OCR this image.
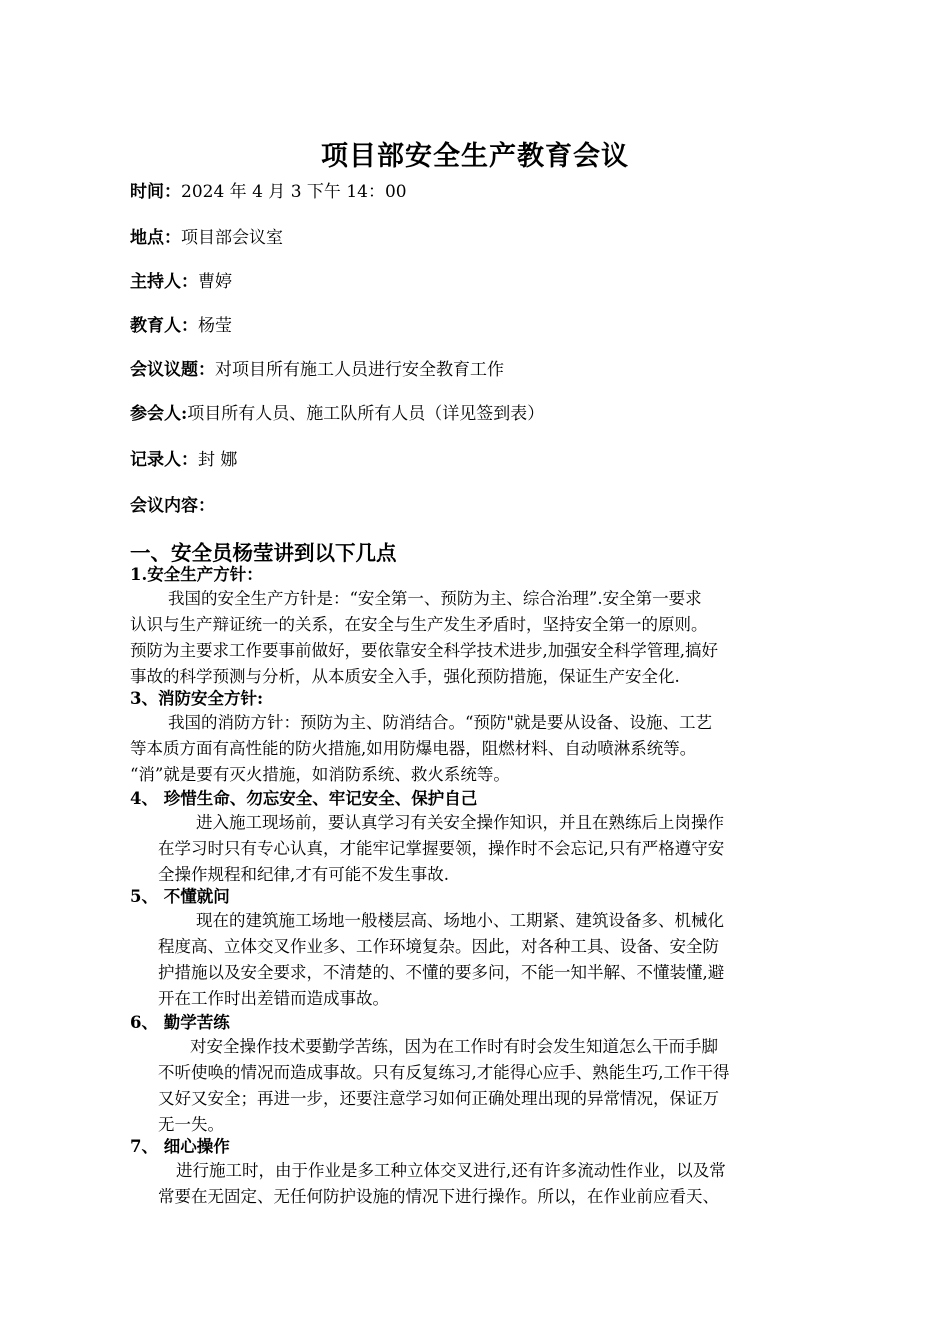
项目部安全生产教育会议
时间：2024 年 4 月 3 下午 14：00
地点：项目部会议室
主持人：曹婷
教育人：杨莹
会议议题：对项目所有施工人员进行安全教育工作
参会人:项目所有人员、施工队所有人员（详见签到表）
记录人：封 娜
会议内容：
一、安全员杨莹讲到以下几点
1.安全生产方针：
我国的安全生产方针是：“安全第一、预防为主、综合治理”.安全第一要求
认识与生产辩证统一的关系，在安全与生产发生矛盾时，坚持安全第一的原则。
预防为主要求工作要事前做好，要依靠安全科学技术进步,加强安全科学管理,搞好
事故的科学预测与分析，从本质安全入手，强化预防措施，保证生产安全化.
3、消防安全方针:
我国的消防方针：预防为主、防消结合。“预防"就是要从设备、设施、工艺
等本质方面有高性能的防火措施,如用防爆电器，阻燃材料、自动喷淋系统等。
“消”就是要有灭火措施，如消防系统、救火系统等。
4、 珍惜生命、勿忘安全、牢记安全、保护自己
进入施工现场前，要认真学习有关安全操作知识，并且在熟练后上岗操作
在学习时只有专心认真，才能牢记掌握要领，操作时不会忘记,只有严格遵守安
全操作规程和纪律,才有可能不发生事故.
5、 不懂就问
现在的建筑施工场地一般楼层高、场地小、工期紧、建筑设备多、机械化
程度高、立体交叉作业多、工作环境复杂。因此，对各种工具、设备、安全防
护措施以及安全要求，不清楚的、不懂的要多问，不能一知半解、不懂装懂,避
开在工作时出差错而造成事故。
6、 勤学苦练
对安全操作技术要勤学苦练，因为在工作时有时会发生知道怎么干而手脚
不听使唤的情况而造成事故。只有反复练习,才能得心应手、熟能生巧,工作干得
又好又安全；再进一步，还要注意学习如何正确处理出现的异常情况，保证万
无一失。
7、 细心操作
进行施工时，由于作业是多工种立体交叉进行,还有许多流动性作业，以及常
常要在无固定、无任何防护设施的情况下进行操作。所以，在作业前应看天、
